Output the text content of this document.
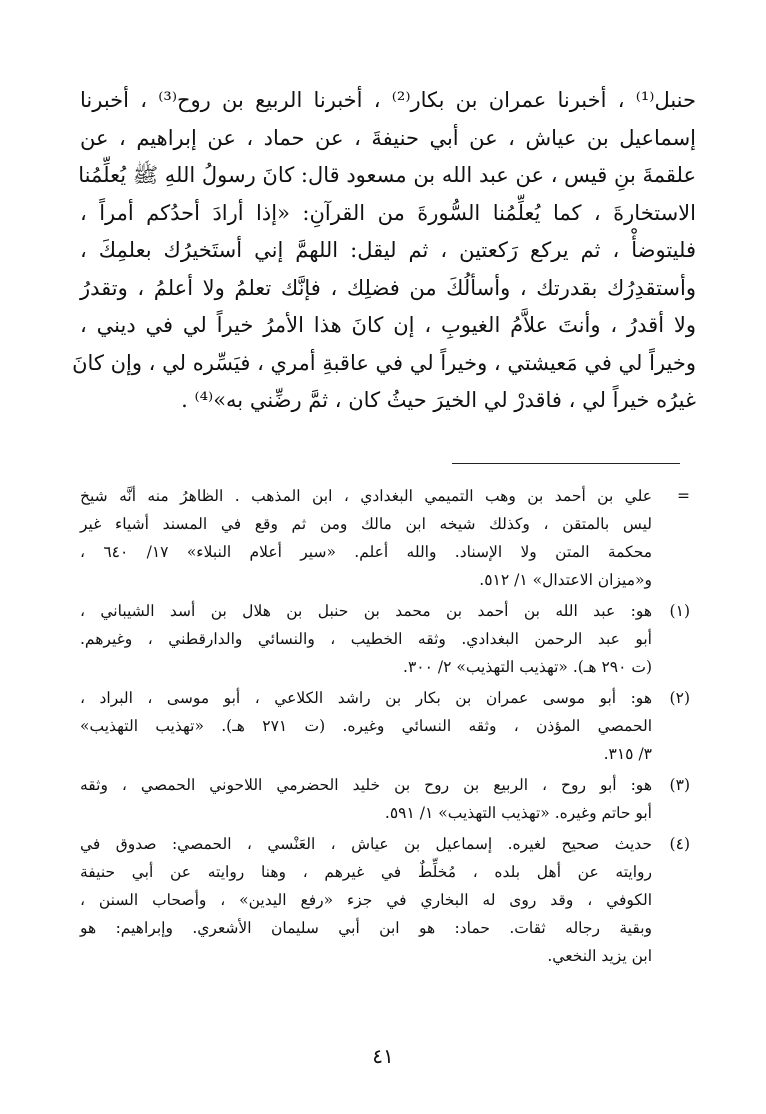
حنبل⁽¹⁾ ، أخبرنا عمران بن بكار⁽²⁾ ، أخبرنا الربيع بن روح⁽³⁾ ، أخبرنا
إسماعيل بن عياش ، عن أبي حنيفةَ ، عن حماد ، عن إبراهيم ، عن
علقمةَ بنِ قيس ، عن عبد الله بن مسعود قال: كانَ رسولُ اللهِ ﷺ يُعلِّمُنا
الاستخارةَ ، كما يُعلِّمُنا السُّورةَ من القرآنِ: «إذا أرادَ أحدُكم أمراً ،
فليتوضأْ ، ثم يركع رَكعتين ، ثم ليقل: اللهمَّ إني أستَخيرُك بعلمِكَ ،
وأستقدِرُك بقدرتك ، وأسألُكَ من فضلِك ، فإنَّك تعلمُ ولا أعلمُ ، وتقدرُ
ولا أقدرُ ، وأنتَ علاَّمُ الغيوبِ ، إن كانَ هذا الأمرُ خيراً لي في ديني ،
وخيراً لي في مَعيشتي ، وخيراً لي في عاقبةِ أمري ، فيَسِّره لي ، وإن كانَ
غيرُه خيراً لي ، فاقدرْ لي الخيرَ حيثُ كان ، ثمَّ رضِّني به»⁽⁴⁾ .
=
علي بن أحمد بن وهب التميمي البغدادي ، ابن المذهب . الظاهرُ منه أنَّه شيخ
ليس بالمتقن ، وكذلك شيخه ابن مالك ومن ثم وقع في المسند أشياء غير
محكمة المتن ولا الإسناد. والله أعلم. «سير أعلام النبلاء» ١٧/ ٦٤٠ ،
و«ميزان الاعتدال» ١/ ٥١٢.
(١)
هو: عبد الله بن أحمد بن محمد بن حنبل بن هلال بن أسد الشيباني ،
أبو عبد الرحمن البغدادي. وثقه الخطيب ، والنسائي والدارقطني ، وغيرهم.
(ت ٢٩٠ هـ). «تهذيب التهذيب» ٢/ ٣٠٠.
(٢)
هو: أبو موسى عمران بن بكار بن راشد الكلاعي ، أبو موسى ، البراد ،
الحمصي المؤذن ، وثقه النسائي وغيره. (ت ٢٧١ هـ). «تهذيب التهذيب»
٣/ ٣١٥.
(٣)
هو: أبو روح ، الربيع بن روح بن خليد الحضرمي اللاحوني الحمصي ، وثقه
أبو حاتم وغيره. «تهذيب التهذيب» ١/ ٥٩١.
(٤)
حديث صحيح لغيره. إسماعيل بن عياش ، العَنْسي ، الحمصي: صدوق في
روايته عن أهل بلده ، مُخلِّطٌ في غيرهم ، وهنا روايته عن أبي حنيفة
الكوفي ، وقد روى له البخاري في جزء «رفع اليدين» ، وأصحاب السنن ،
وبقية رجاله ثقات. حماد: هو ابن أبي سليمان الأشعري. وإبراهيم: هو
ابن يزيد النخعي.
٤١
